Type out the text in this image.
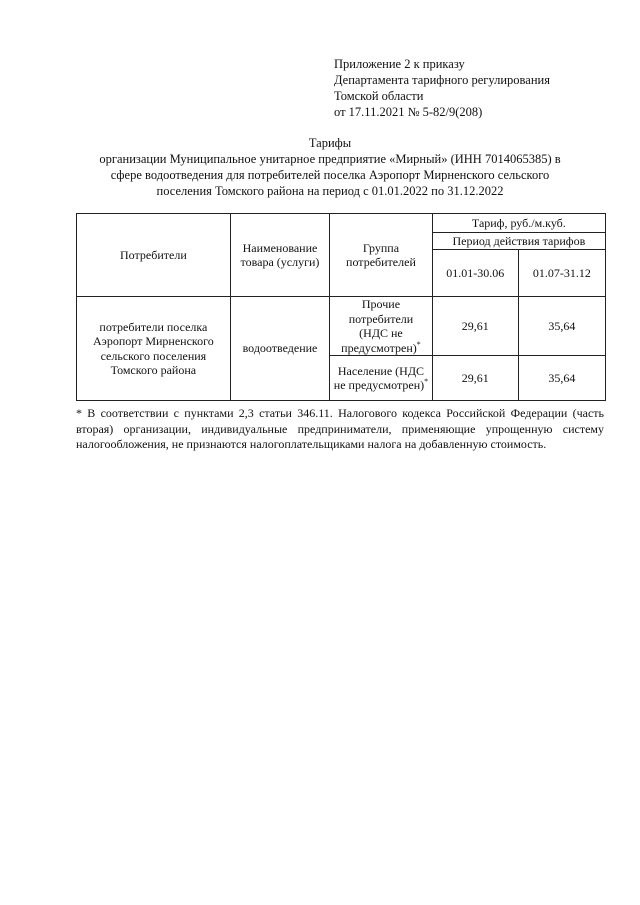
Приложение 2 к приказу
Департамента тарифного регулирования
Томской области
от 17.11.2021 № 5-82/9(208)
Тарифы
организации Муниципальное унитарное предприятие «Мирный» (ИНН 7014065385) в
сфере водоотведения для потребителей поселка Аэропорт Мирненского сельского
поселения Томского района на период с 01.01.2022 по 31.12.2022
Потребители	Наименование товара (услуги)	Группа потребителей	Тариф, руб./м.куб.	
			Период действия тарифов	
			01.01-30.06	01.07-31.12
потребители поселка Аэропорт Мирненского сельского поселения Томского района	водоотведение	Прочие потребители (НДС не предусмотрен)*	29,61	35,64
		Население (НДС не предусмотрен)*	29,61	35,64
* В соответствии с пунктами 2,3 статьи 346.11. Налогового кодекса Российской Федерации (часть вторая) организации, индивидуальные предприниматели, применяющие упрощенную систему налогообложения, не признаются налогоплательщиками налога на добавленную стоимость.
